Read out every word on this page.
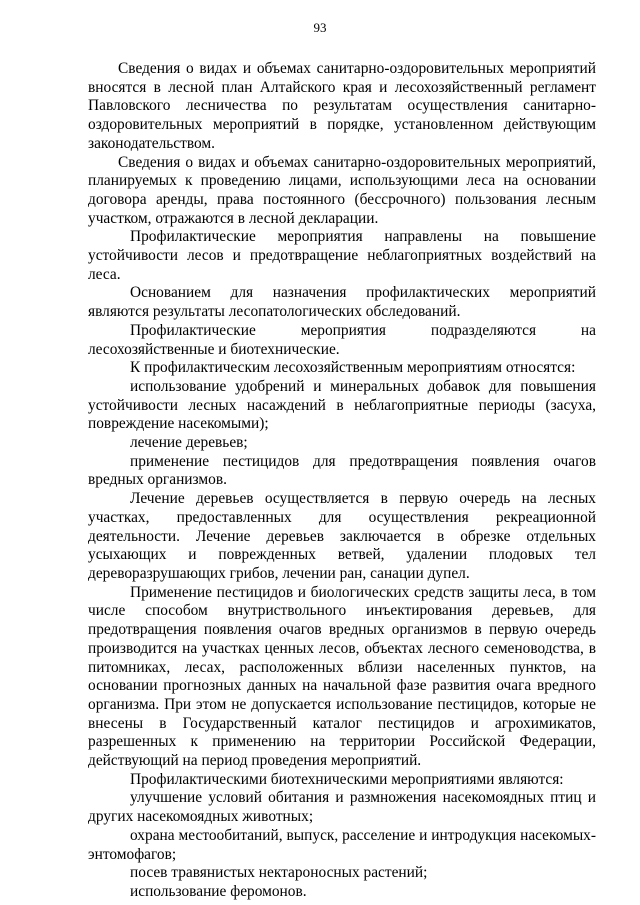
93

Сведения о видах и объемах санитарно-оздоровительных мероприятий вносятся в лесной план Алтайского края и лесохозяйственный регламент Павловского лесничества по результатам осуществления санитарно-оздоровительных мероприятий в порядке, установленном действующим законодательством.

Сведения о видах и объемах санитарно-оздоровительных мероприятий, планируемых к проведению лицами, использующими леса на основании договора аренды, права постоянного (бессрочного) пользования лесным участком, отражаются в лесной декларации.

Профилактические мероприятия направлены на повышение устойчивости лесов и предотвращение неблагоприятных воздействий на леса.

Основанием для назначения профилактических мероприятий являются результаты лесопатологических обследований.

Профилактические мероприятия подразделяются на лесохозяйственные и биотехнические.

К профилактическим лесохозяйственным мероприятиям относятся:

использование удобрений и минеральных добавок для повышения устойчивости лесных насаждений в неблагоприятные периоды (засуха, повреждение насекомыми);

лечение деревьев;

применение пестицидов для предотвращения появления очагов вредных организмов.

Лечение деревьев осуществляется в первую очередь на лесных участках, предоставленных для осуществления рекреационной деятельности. Лечение деревьев заключается в обрезке отдельных усыхающих и поврежденных ветвей, удалении плодовых тел дереворазрушающих грибов, лечении ран, санации дупел.

Применение пестицидов и биологических средств защиты леса, в том числе способом внутриствольного инъектирования деревьев, для предотвращения появления очагов вредных организмов в первую очередь производится на участках ценных лесов, объектах лесного семеноводства, в питомниках, лесах, расположенных вблизи населенных пунктов, на основании прогнозных данных на начальной фазе развития очага вредного организма. При этом не допускается использование пестицидов, которые не внесены в Государственный каталог пестицидов и агрохимикатов, разрешенных к применению на территории Российской Федерации, действующий на период проведения мероприятий.

Профилактическими биотехническими мероприятиями являются:

улучшение условий обитания и размножения насекомоядных птиц и других насекомоядных животных;

охрана местообитаний, выпуск, расселение и интродукция насекомых-энтомофагов;

посев травянистых нектароносных растений;

использование феромонов.
